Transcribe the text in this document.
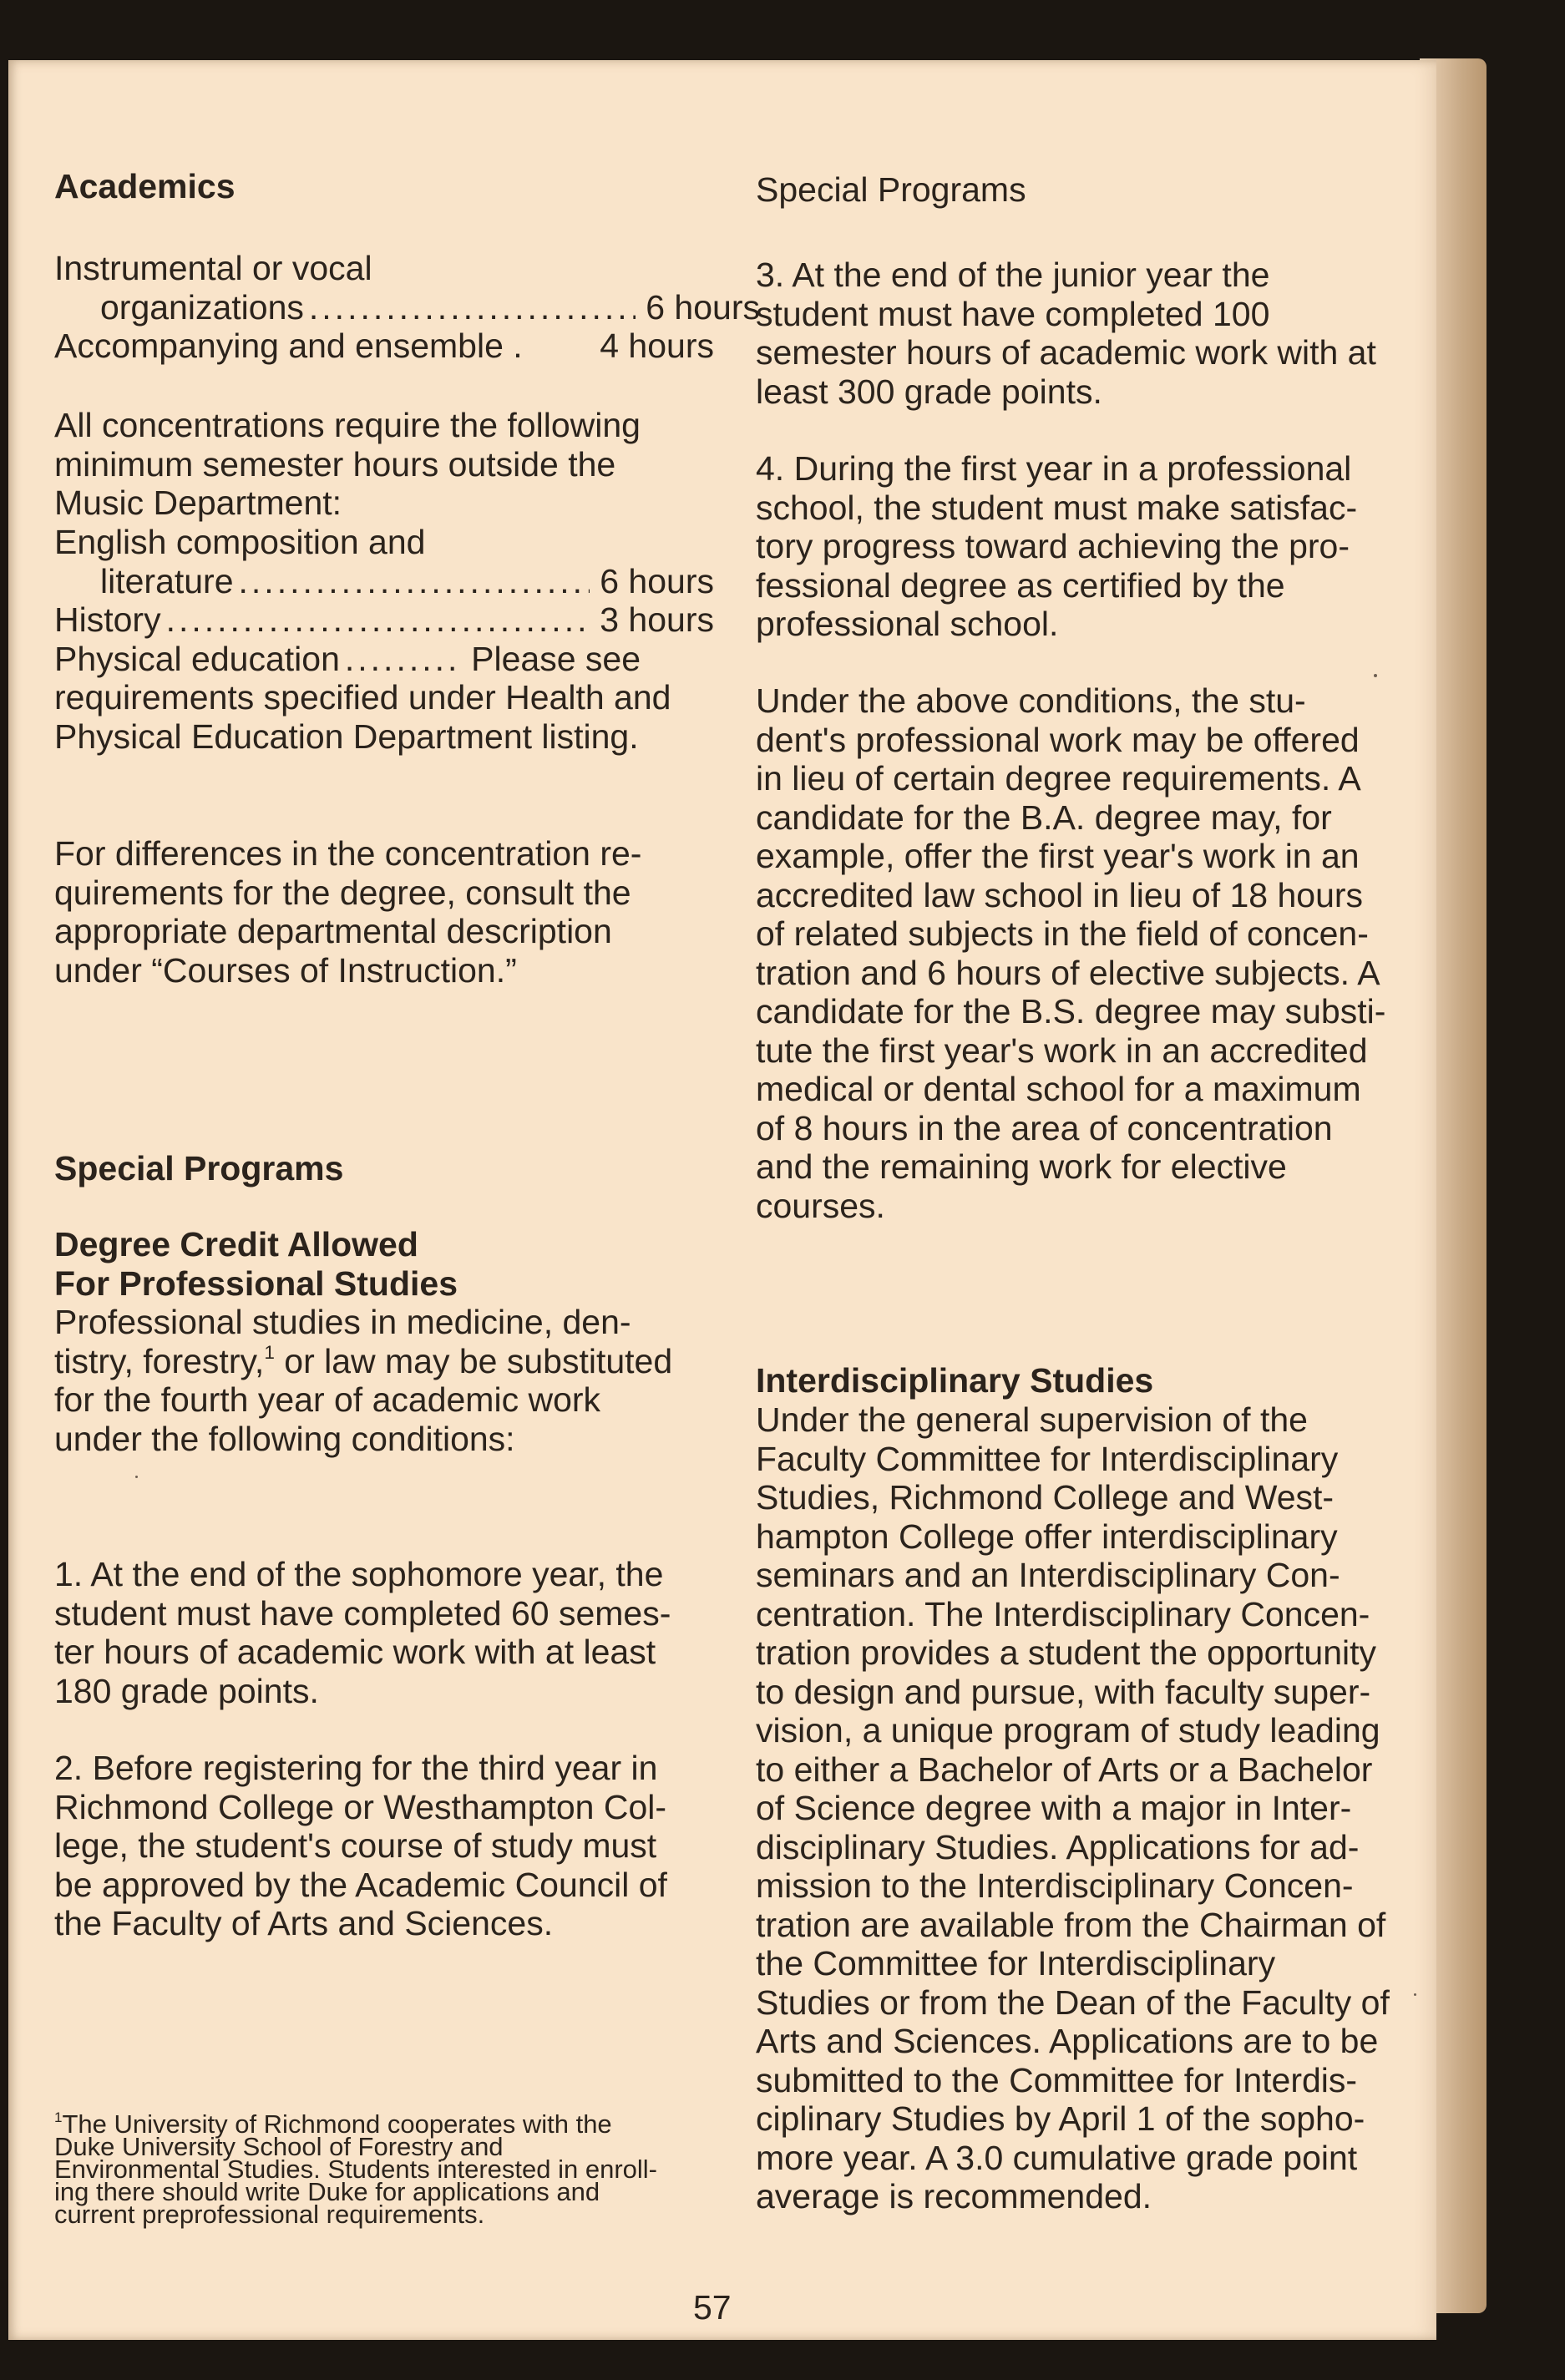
Academics
Instrumental or vocal
organizations .....	6 hours
Accompanying and ensemble . 4 hours
All concentrations require the following
minimum semester hours outside the
Music Department:
English composition and
literature .....	6 hours
History .....	3 hours
Physical education .....	Please see
requirements specified under Health and
Physical Education Department listing.
For differences in the concentration re-
quirements for the degree, consult the
appropriate departmental description
under “Courses of Instruction.”
Special Programs
Degree Credit Allowed
For Professional Studies
Professional studies in medicine, den-
tistry, forestry,$^1$ or law may be substituted
for the fourth year of academic work
under the following conditions:
1. At the end of the sophomore year, the
student must have completed 60 semes-
ter hours of academic work with at least
180 grade points.
2. Before registering for the third year in
Richmond College or Westhampton Col-
lege, the student's course of study must
be approved by the Academic Council of
the Faculty of Arts and Sciences.
$^1$The University of Richmond cooperates with the
Duke University School of Forestry and
Environmental Studies. Students interested in enroll-
ing there should write Duke for applications and
current preprofessional requirements.
Special Programs
3. At the end of the junior year the
student must have completed 100
semester hours of academic work with at
least 300 grade points.
4. During the first year in a professional
school, the student must make satisfac-
tory progress toward achieving the pro-
fessional degree as certified by the
professional school.
Under the above conditions, the stu-
dent's professional work may be offered
in lieu of certain degree requirements. A
candidate for the B.A. degree may, for
example, offer the first year's work in an
accredited law school in lieu of 18 hours
of related subjects in the field of concen-
tration and 6 hours of elective subjects. A
candidate for the B.S. degree may substi-
tute the first year's work in an accredited
medical or dental school for a maximum
of 8 hours in the area of concentration
and the remaining work for elective
courses.
Interdisciplinary Studies
Under the general supervision of the
Faculty Committee for Interdisciplinary
Studies, Richmond College and West-
hampton College offer interdisciplinary
seminars and an Interdisciplinary Con-
centration. The Interdisciplinary Concen-
tration provides a student the opportunity
to design and pursue, with faculty super-
vision, a unique program of study leading
to either a Bachelor of Arts or a Bachelor
of Science degree with a major in Inter-
disciplinary Studies. Applications for ad-
mission to the Interdisciplinary Concen-
tration are available from the Chairman of
the Committee for Interdisciplinary
Studies or from the Dean of the Faculty of
Arts and Sciences. Applications are to be
submitted to the Committee for Interdis-
ciplinary Studies by April 1 of the sopho-
more year. A 3.0 cumulative grade point
average is recommended.
57
